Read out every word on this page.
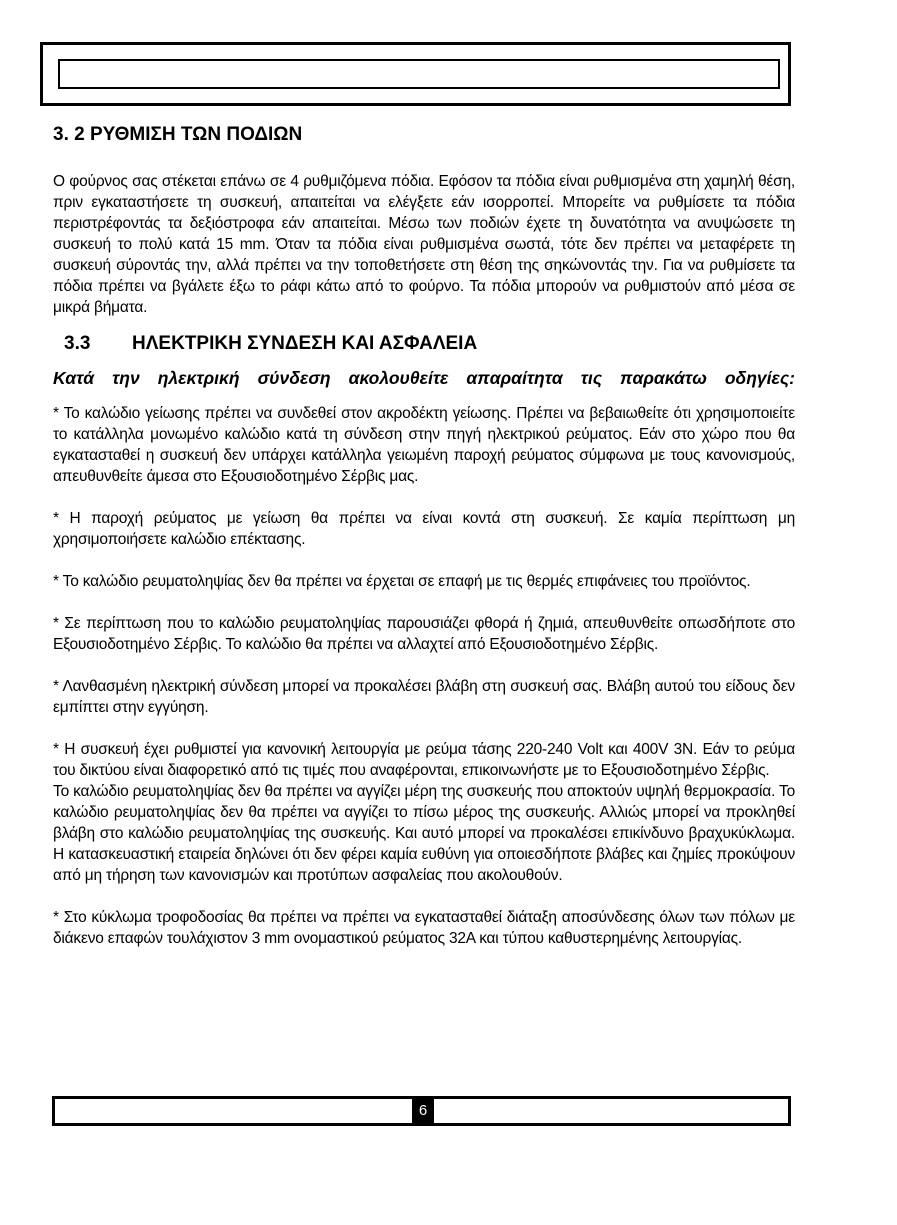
3. 2 ΡΥΘΜΙΣΗ ΤΩΝ ΠΟΔΙΩΝ

Ο φούρνος σας στέκεται επάνω σε 4 ρυθμιζόμενα πόδια. Εφόσον τα πόδια είναι ρυθμισμένα στη χαμηλή θέση, πριν εγκαταστήσετε τη συσκευή, απαιτείται να ελέγξετε εάν ισορροπεί. Μπορείτε να ρυθμίσετε τα πόδια περιστρέφοντάς τα δεξιόστροφα εάν απαιτείται. Μέσω των ποδιών έχετε τη δυνατότητα να ανυψώσετε τη συσκευή το πολύ κατά 15 mm. Όταν τα πόδια είναι ρυθμισμένα σωστά, τότε δεν πρέπει να μεταφέρετε τη συσκευή σύροντάς την, αλλά πρέπει να την τοποθετήσετε στη θέση της σηκώνοντάς την. Για να ρυθμίσετε τα πόδια πρέπει να βγάλετε έξω το ράφι κάτω από το φούρνο. Τα πόδια μπορούν να ρυθμιστούν από μέσα σε μικρά βήματα.

3.3 ΗΛΕΚΤΡΙΚΗ ΣΥΝΔΕΣΗ ΚΑΙ ΑΣΦΑΛΕΙΑ
Κατά την ηλεκτρική σύνδεση ακολουθείτε απαραίτητα τις παρακάτω οδηγίες:

* Το καλώδιο γείωσης πρέπει να συνδεθεί στον ακροδέκτη γείωσης. Πρέπει να βεβαιωθείτε ότι χρησιμοποιείτε το κατάλληλα μονωμένο καλώδιο κατά τη σύνδεση στην πηγή ηλεκτρικού ρεύματος. Εάν στο χώρο που θα εγκατασταθεί η συσκευή δεν υπάρχει κατάλληλα γειωμένη παροχή ρεύματος σύμφωνα με τους κανονισμούς, απευθυνθείτε άμεσα στο Εξουσιοδοτημένο Σέρβις μας.

* Η παροχή ρεύματος με γείωση θα πρέπει να είναι κοντά στη συσκευή. Σε καμία περίπτωση μη χρησιμοποιήσετε καλώδιο επέκτασης.

* Το καλώδιο ρευματοληψίας δεν θα πρέπει να έρχεται σε επαφή με τις θερμές επιφάνειες του προϊόντος.

* Σε περίπτωση που το καλώδιο ρευματοληψίας παρουσιάζει φθορά ή ζημιά, απευθυνθείτε οπωσδήποτε στο Εξουσιοδοτημένο Σέρβις. Το καλώδιο θα πρέπει να αλλαχτεί από Εξουσιοδοτημένο Σέρβις.

* Λανθασμένη ηλεκτρική σύνδεση μπορεί να προκαλέσει βλάβη στη συσκευή σας. Βλάβη αυτού του είδους δεν εμπίπτει στην εγγύηση.

* Η συσκευή έχει ρυθμιστεί για κανονική λειτουργία με ρεύμα τάσης 220-240 Volt και 400V 3N. Εάν το ρεύμα του δικτύου είναι διαφορετικό από τις τιμές που αναφέρονται, επικοινωνήστε με το Εξουσιοδοτημένο Σέρβις.

Το καλώδιο ρευματοληψίας δεν θα πρέπει να αγγίζει μέρη της συσκευής που αποκτούν υψηλή θερμοκρασία. Το καλώδιο ρευματοληψίας δεν θα πρέπει να αγγίζει το πίσω μέρος της συσκευής. Αλλιώς μπορεί να προκληθεί βλάβη στο καλώδιο ρευματοληψίας της συσκευής. Και αυτό μπορεί να προκαλέσει επικίνδυνο βραχυκύκλωμα. Η κατασκευαστική εταιρεία δηλώνει ότι δεν φέρει καμία ευθύνη για οποιεσδήποτε βλάβες και ζημίες προκύψουν από μη τήρηση των κανονισμών και προτύπων ασφαλείας που ακολουθούν.

* Στο κύκλωμα τροφοδοσίας θα πρέπει να πρέπει να εγκατασταθεί διάταξη αποσύνδεσης όλων των πόλων με διάκενο επαφών τουλάχιστον 3 mm ονομαστικού ρεύματος 32A και τύπου καθυστερημένης λειτουργίας.

6
